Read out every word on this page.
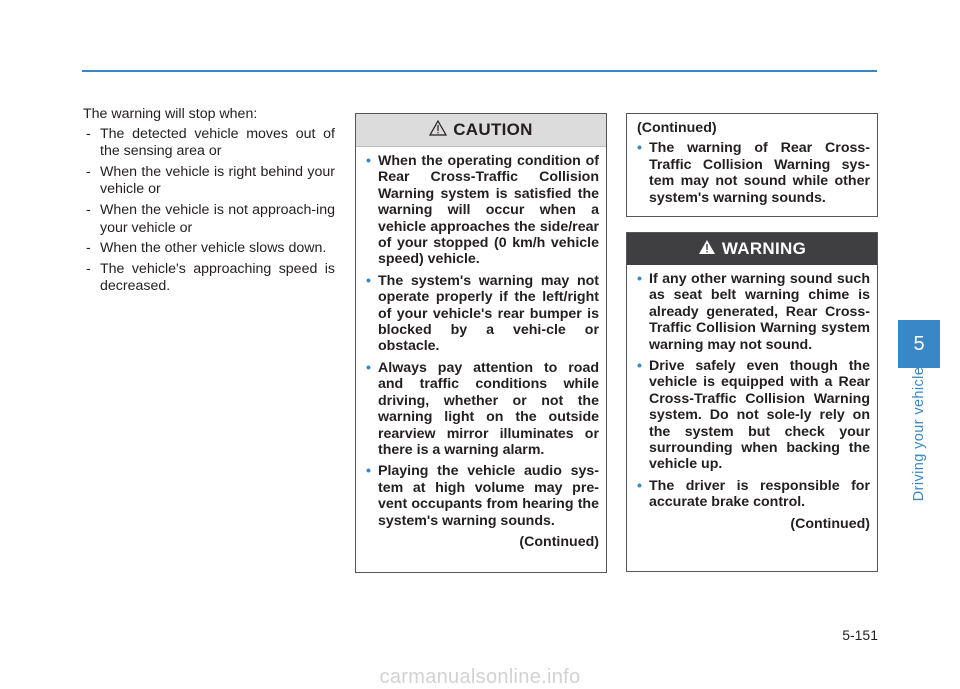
The warning will stop when:

- The detected vehicle moves out of the sensing area or
- When the vehicle is right behind your vehicle or
- When the vehicle is not approach-ing your vehicle or
- When the other vehicle slows down.
- The vehicle's approaching speed is decreased.
CAUTION
• When the operating condition of Rear Cross-Traffic Collision Warning system is satisfied the warning will occur when a vehicle approaches the side/rear of your stopped (0 km/h vehicle speed) vehicle.
• The system's warning may not operate properly if the left/right of your vehicle's rear bumper is blocked by a vehi-cle or obstacle.
• Always pay attention to road and traffic conditions while driving, whether or not the warning light on the outside rearview mirror illuminates or there is a warning alarm.
• Playing the vehicle audio sys-tem at high volume may pre-vent occupants from hearing the system's warning sounds.
(Continued)

(Continued)

• The warning of Rear Cross-Traffic Collision Warning sys-tem may not sound while other system's warning sounds.
WARNING
• If any other warning sound such as seat belt warning chime is already generated, Rear Cross-Traffic Collision Warning system warning may not sound.
• Drive safely even though the vehicle is equipped with a Rear Cross-Traffic Collision Warning system. Do not sole-ly rely on the system but check your surrounding when backing the vehicle up.
• The driver is responsible for accurate brake control.
(Continued)
5
Driving your vehicle
5-151
carmanualsonline.info
